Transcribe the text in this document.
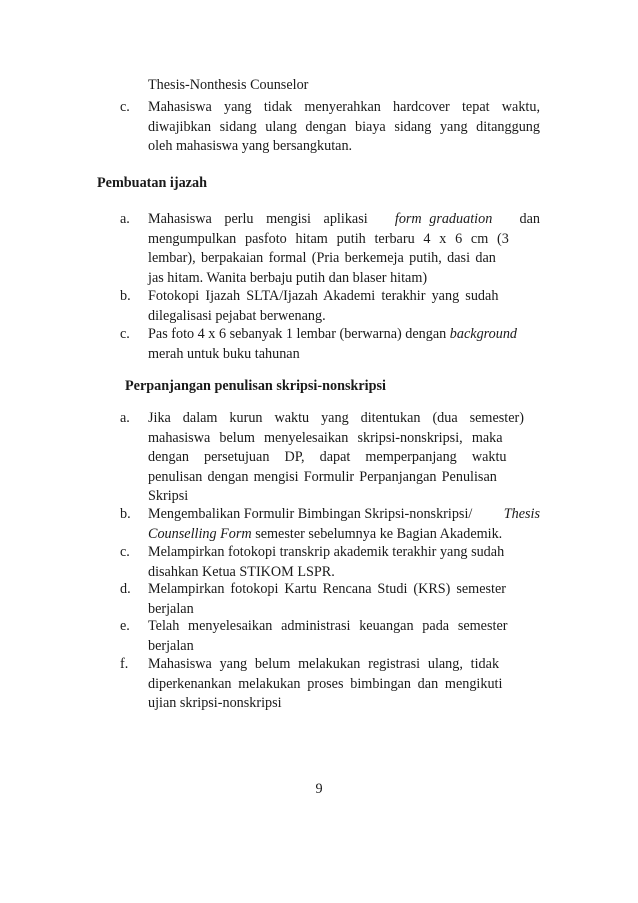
Thesis-Nonthesis Counselor
c.	Mahasiswa yang tidak menyerahkan hardcover tepat waktu,
diwajibkan sidang ulang dengan biaya sidang yang ditanggung
oleh mahasiswa yang bersangkutan.
Pembuatan ijazah
a.	Mahasiswa perlu mengisi aplikasi form graduation dan
mengumpulkan pasfoto hitam putih terbaru 4 x 6 cm (3
lembar), berpakaian formal (Pria berkemeja putih, dasi dan
jas hitam. Wanita berbaju putih dan blaser hitam)
b.	Fotokopi Ijazah SLTA/Ijazah Akademi terakhir yang sudah
dilegalisasi pejabat berwenang.
c.	Pas foto 4 x 6 sebanyak 1 lembar (berwarna) dengan background
merah untuk buku tahunan
Perpanjangan penulisan skripsi-nonskripsi
a.	Jika dalam kurun waktu yang ditentukan (dua semester)
mahasiswa belum menyelesaikan skripsi-nonskripsi, maka
dengan persetujuan DP, dapat memperpanjang waktu
penulisan dengan mengisi Formulir Perpanjangan Penulisan
Skripsi
b.	Mengembalikan Formulir Bimbingan Skripsi-nonskripsi/ Thesis
Counselling Form semester sebelumnya ke Bagian Akademik.
c.	Melampirkan fotokopi transkrip akademik terakhir yang sudah
disahkan Ketua STIKOM LSPR.
d.	Melampirkan fotokopi Kartu Rencana Studi (KRS) semester
berjalan
e.	Telah menyelesaikan administrasi keuangan pada semester
berjalan
f.	Mahasiswa yang belum melakukan registrasi ulang, tidak
diperkenankan melakukan proses bimbingan dan mengikuti
ujian skripsi-nonskripsi
9
